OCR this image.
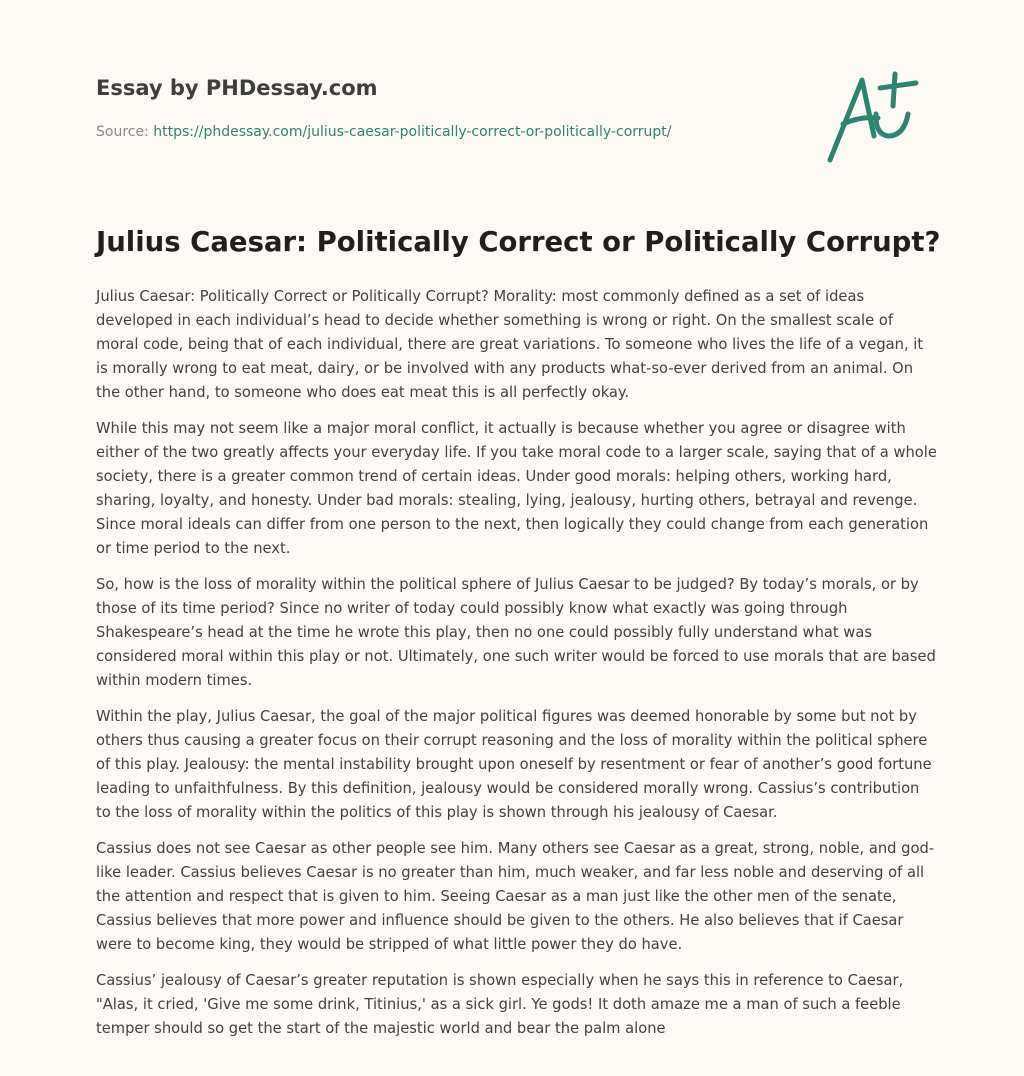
Essay by PHDessay.com

Source: https://phdessay.com/julius-caesar-politically-correct-or-politically-corrupt/

Julius Caesar: Politically Correct or Politically Corrupt?

Julius Caesar: Politically Correct or Politically Corrupt? Morality: most commonly defined as a set of ideas developed in each individual’s head to decide whether something is wrong or right. On the smallest scale of moral code, being that of each individual, there are great variations. To someone who lives the life of a vegan, it is morally wrong to eat meat, dairy, or be involved with any products what-so-ever derived from an animal. On the other hand, to someone who does eat meat this is all perfectly okay.

While this may not seem like a major moral conflict, it actually is because whether you agree or disagree with either of the two greatly affects your everyday life. If you take moral code to a larger scale, saying that of a whole society, there is a greater common trend of certain ideas. Under good morals: helping others, working hard, sharing, loyalty, and honesty. Under bad morals: stealing, lying, jealousy, hurting others, betrayal and revenge. Since moral ideals can differ from one person to the next, then logically they could change from each generation or time period to the next.

So, how is the loss of morality within the political sphere of Julius Caesar to be judged? By today’s morals, or by those of its time period? Since no writer of today could possibly know what exactly was going through Shakespeare’s head at the time he wrote this play, then no one could possibly fully understand what was considered moral within this play or not. Ultimately, one such writer would be forced to use morals that are based within modern times.

Within the play, Julius Caesar, the goal of the major political figures was deemed honorable by some but not by others thus causing a greater focus on their corrupt reasoning and the loss of morality within the political sphere of this play. Jealousy: the mental instability brought upon oneself by resentment or fear of another’s good fortune leading to unfaithfulness. By this definition, jealousy would be considered morally wrong. Cassius’s contribution to the loss of morality within the politics of this play is shown through his jealousy of Caesar.

Cassius does not see Caesar as other people see him. Many others see Caesar as a great, strong, noble, and god-like leader. Cassius believes Caesar is no greater than him, much weaker, and far less noble and deserving of all the attention and respect that is given to him. Seeing Caesar as a man just like the other men of the senate, Cassius believes that more power and influence should be given to the others. He also believes that if Caesar were to become king, they would be stripped of what little power they do have.

Cassius’ jealousy of Caesar’s greater reputation is shown especially when he says this in reference to Caesar, "Alas, it cried, 'Give me some drink, Titinius,' as a sick girl. Ye gods! It doth amaze me a man of such a feeble temper should so get the start of the majestic world and bear the palm alone
